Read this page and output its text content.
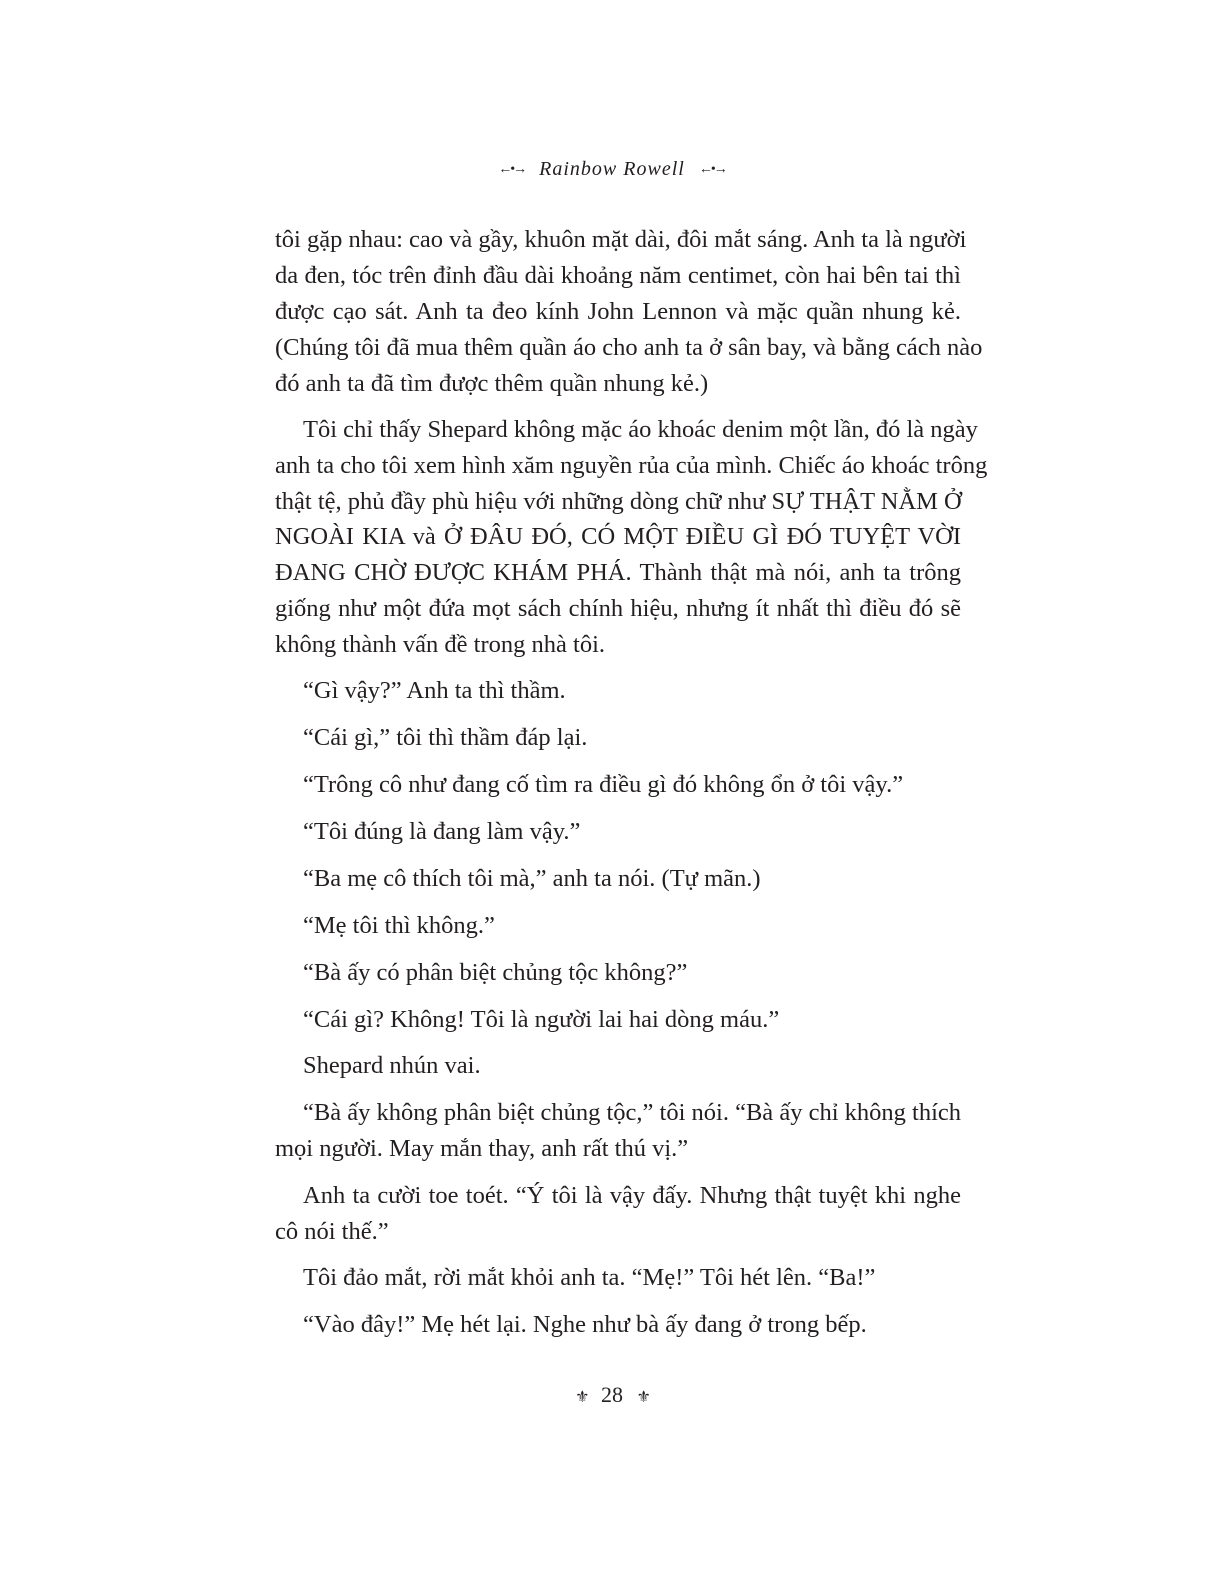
←•→ Rainbow Rowell ←•→
tôi gặp nhau: cao và gầy, khuôn mặt dài, đôi mắt sáng. Anh ta là người
da đen, tóc trên đỉnh đầu dài khoảng năm centimet, còn hai bên tai thì
được cạo sát. Anh ta đeo kính John Lennon và mặc quần nhung kẻ.
(Chúng tôi đã mua thêm quần áo cho anh ta ở sân bay, và bằng cách nào
đó anh ta đã tìm được thêm quần nhung kẻ.)
Tôi chỉ thấy Shepard không mặc áo khoác denim một lần, đó là ngày
anh ta cho tôi xem hình xăm nguyền rủa của mình. Chiếc áo khoác trông
thật tệ, phủ đầy phù hiệu với những dòng chữ như SỰ THẬT NẰM Ở
NGOÀI KIA và Ở ĐÂU ĐÓ, CÓ MỘT ĐIỀU GÌ ĐÓ TUYỆT VỜI
ĐANG CHỜ ĐƯỢC KHÁM PHÁ. Thành thật mà nói, anh ta trông
giống như một đứa mọt sách chính hiệu, nhưng ít nhất thì điều đó sẽ
không thành vấn đề trong nhà tôi.
“Gì vậy?” Anh ta thì thầm.
“Cái gì,” tôi thì thầm đáp lại.
“Trông cô như đang cố tìm ra điều gì đó không ổn ở tôi vậy.”
“Tôi đúng là đang làm vậy.”
“Ba mẹ cô thích tôi mà,” anh ta nói. (Tự mãn.)
“Mẹ tôi thì không.”
“Bà ấy có phân biệt chủng tộc không?”
“Cái gì? Không! Tôi là người lai hai dòng máu.”
Shepard nhún vai.
“Bà ấy không phân biệt chủng tộc,” tôi nói. “Bà ấy chỉ không thích
mọi người. May mắn thay, anh rất thú vị.”
Anh ta cười toe toét. “Ý tôi là vậy đấy. Nhưng thật tuyệt khi nghe
cô nói thế.”
Tôi đảo mắt, rời mắt khỏi anh ta. “Mẹ!” Tôi hét lên. “Ba!”
“Vào đây!” Mẹ hét lại. Nghe như bà ấy đang ở trong bếp.
⚜ 28 ⚜
